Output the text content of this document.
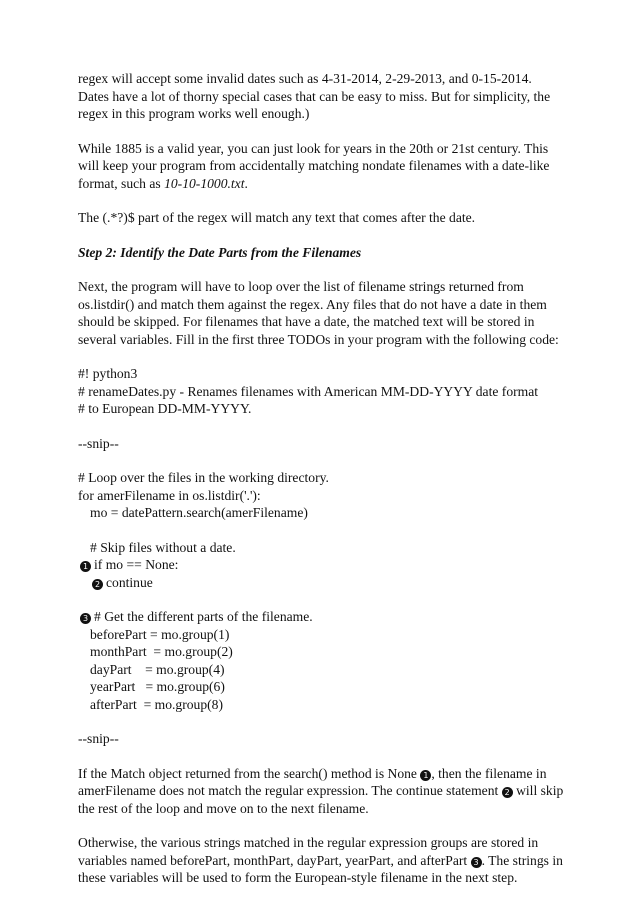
regex will accept some invalid dates such as 4-31-2014, 2-29-2013, and 0-15-2014. Dates have a lot of thorny special cases that can be easy to miss. But for simplicity, the regex in this program works well enough.)

While 1885 is a valid year, you can just look for years in the 20th or 21st century. This will keep your program from accidentally matching nondate filenames with a date-like format, such as 10-10-1000.txt.

The (.*?)$ part of the regex will match any text that comes after the date.

Step 2: Identify the Date Parts from the Filenames

Next, the program will have to loop over the list of filename strings returned from os.listdir() and match them against the regex. Any files that do not have a date in them should be skipped. For filenames that have a date, the matched text will be stored in several variables. Fill in the first three TODOs in your program with the following code:

#! python3

# renameDates.py - Renames filenames with American MM-DD-YYYY date format

# to European DD-MM-YYYY.

--snip--

# Loop over the files in the working directory.

for amerFilename in os.listdir('.'):

mo = datePattern.search(amerFilename)

# Skip files without a date.

1 if mo == None:

2 continue

3 # Get the different parts of the filename.

beforePart = mo.group(1)

monthPart  = mo.group(2)

dayPart    = mo.group(4)

yearPart   = mo.group(6)

afterPart  = mo.group(8)

--snip--

If the Match object returned from the search() method is None 1 , then the filename in amerFilename does not match the regular expression. The continue statement 2 will skip the rest of the loop and move on to the next filename.

Otherwise, the various strings matched in the regular expression groups are stored in variables named beforePart, monthPart, dayPart, yearPart, and afterPart 3 . The strings in these variables will be used to form the European-style filename in the next step.
